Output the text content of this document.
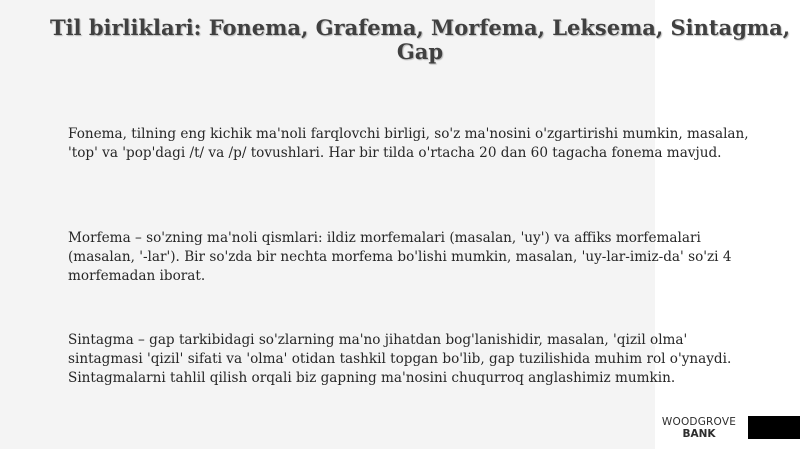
Til birliklari: Fonema, Grafema, Morfema, Leksema, Sintagma, Gap

Fonema, tilning eng kichik ma'noli farqlovchi birligi, so'z ma'nosini o'zgartirishi mumkin, masalan, 'top' va 'pop'dagi /t/ va /p/ tovushlari. Har bir tilda o'rtacha 20 dan 60 tagacha fonema mavjud.

Morfema – so'zning ma'noli qismlari: ildiz morfemalari (masalan, 'uy') va affiks morfemalari (masalan, '-lar'). Bir so'zda bir nechta morfema bo'lishi mumkin, masalan, 'uy-lar-imiz-da' so'zi 4 morfemadan iborat.

Sintagma – gap tarkibidagi so'zlarning ma'no jihatdan bog'lanishidir, masalan, 'qizil olma' sintagmasi 'qizil' sifati va 'olma' otidan tashkil topgan bo'lib, gap tuzilishida muhim rol o'ynaydi. Sintagmalarni tahlil qilish orqali biz gapning ma'nosini chuqurroq anglashimiz mumkin.

WOODGROVE
BANK
